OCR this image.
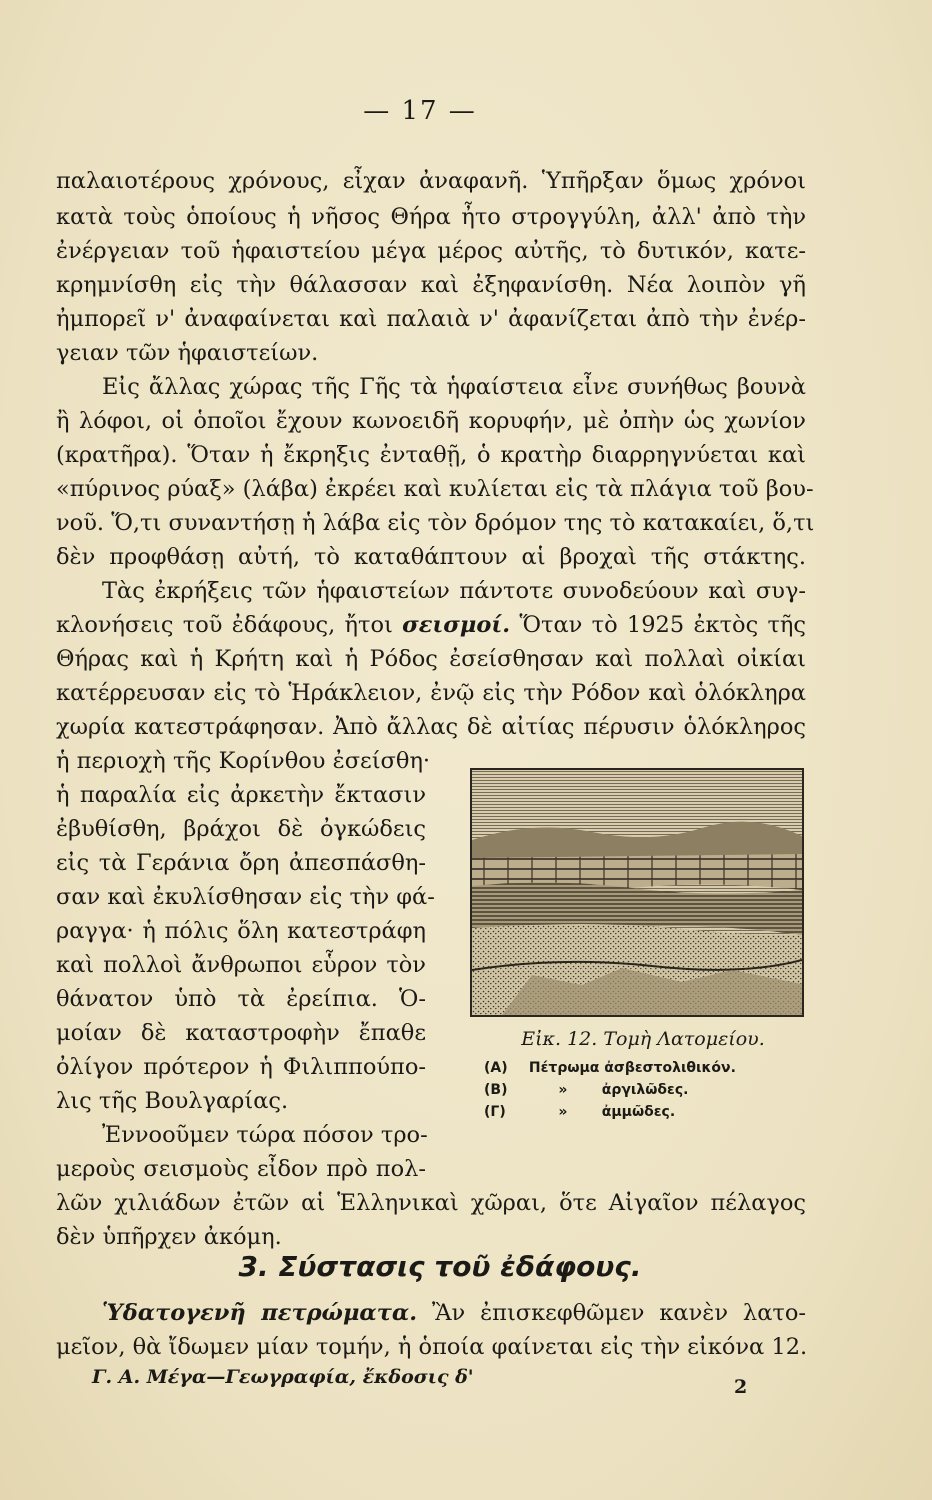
— 17 —
παλαιοτέρους χρόνους, εἶχαν ἀναφανῆ. Ὑπῆρξαν ὅμως χρόνοι
κατὰ τοὺς ὁποίους ἡ νῆσος Θήρα ἦτο στρογγύλη, ἀλλ' ἀπὸ τὴν
ἐνέργειαν τοῦ ἡφαιστείου μέγα μέρος αὐτῆς, τὸ δυτικόν, κατε-
κρημνίσθη εἰς τὴν θάλασσαν καὶ ἐξηφανίσθη. Νέα λοιπὸν γῆ
ἠμπορεῖ ν' ἀναφαίνεται καὶ παλαιὰ ν' ἀφανίζεται ἀπὸ τὴν ἐνέρ-
γειαν τῶν ἡφαιστείων.
Εἰς ἄλλας χώρας τῆς Γῆς τὰ ἡφαίστεια εἶνε συνήθως βουνὰ
ἢ λόφοι, οἱ ὁποῖοι ἔχουν κωνοειδῆ κορυφήν, μὲ ὀπὴν ὡς χωνίον
(κρατῆρα). Ὅταν ἡ ἔκρηξις ἐνταθῇ, ὁ κρατὴρ διαρρηγνύεται καὶ
«πύρινος ρύαξ» (λάβα) ἐκρέει καὶ κυλίεται εἰς τὰ πλάγια τοῦ βου-
νοῦ. Ὅ,τι συναντήσῃ ἡ λάβα εἰς τὸν δρόμον της τὸ κατακαίει, ὅ,τι
δὲν προφθάσῃ αὐτή, τὸ καταθάπτουν αἱ βροχαὶ τῆς στάκτης.
Τὰς ἐκρήξεις τῶν ἡφαιστείων πάντοτε συνοδεύουν καὶ συγ-
κλονήσεις τοῦ ἐδάφους, ἤτοι σεισμοί. Ὅταν τὸ 1925 ἐκτὸς τῆς
Θήρας καὶ ἡ Κρήτη καὶ ἡ Ρόδος ἐσείσθησαν καὶ πολλαὶ οἰκίαι
κατέρρευσαν εἰς τὸ Ἡράκλειον, ἐνῷ εἰς τὴν Ρόδον καὶ ὁλόκληρα
χωρία κατεστράφησαν. Ἀπὸ ἄλλας δὲ αἰτίας πέρυσιν ὁλόκληρος
ἡ περιοχὴ τῆς Κορίνθου ἐσείσθη·
ἡ παραλία εἰς ἀρκετὴν ἔκτασιν
ἐβυθίσθη, βράχοι δὲ ὀγκώδεις
εἰς τὰ Γεράνια ὄρη ἀπεσπάσθη-
σαν καὶ ἐκυλίσθησαν εἰς τὴν φά-
ραγγα· ἡ πόλις ὅλη κατεστράφη
καὶ πολλοὶ ἄνθρωποι εὗρον τὸν
θάνατον ὑπὸ τὰ ἐρείπια. Ὁ-
μοίαν δὲ καταστροφὴν ἔπαθε
ὀλίγον πρότερον ἡ Φιλιππούπο-
λις τῆς Βουλγαρίας.
Ἐννοοῦμεν τώρα πόσον τρο-
μεροὺς σεισμοὺς εἶδον πρὸ πολ-
λῶν χιλιάδων ἐτῶν αἱ Ἑλληνικαὶ χῶραι, ὅτε Αἰγαῖον πέλαγος
δὲν ὑπῆρχεν ἀκόμη.
Εἰκ. 12. Τομὴ Λατομείου.
(Α) Πέτρωμα ἀσβεστολιθικόν.
(Β)	» ἀργιλῶδες.
(Γ)	» ἀμμῶδες.
3. Σύστασις τοῦ ἐδάφους.
Ὑδατογενῆ πετρώματα. Ἂν ἐπισκεφθῶμεν κανὲν λατο-
μεῖον, θὰ ἴδωμεν μίαν τομήν, ἡ ὁποία φαίνεται εἰς τὴν εἰκόνα 12.
Γ. Α. Μέγα—Γεωγραφία, ἔκδοσις δ'	2
